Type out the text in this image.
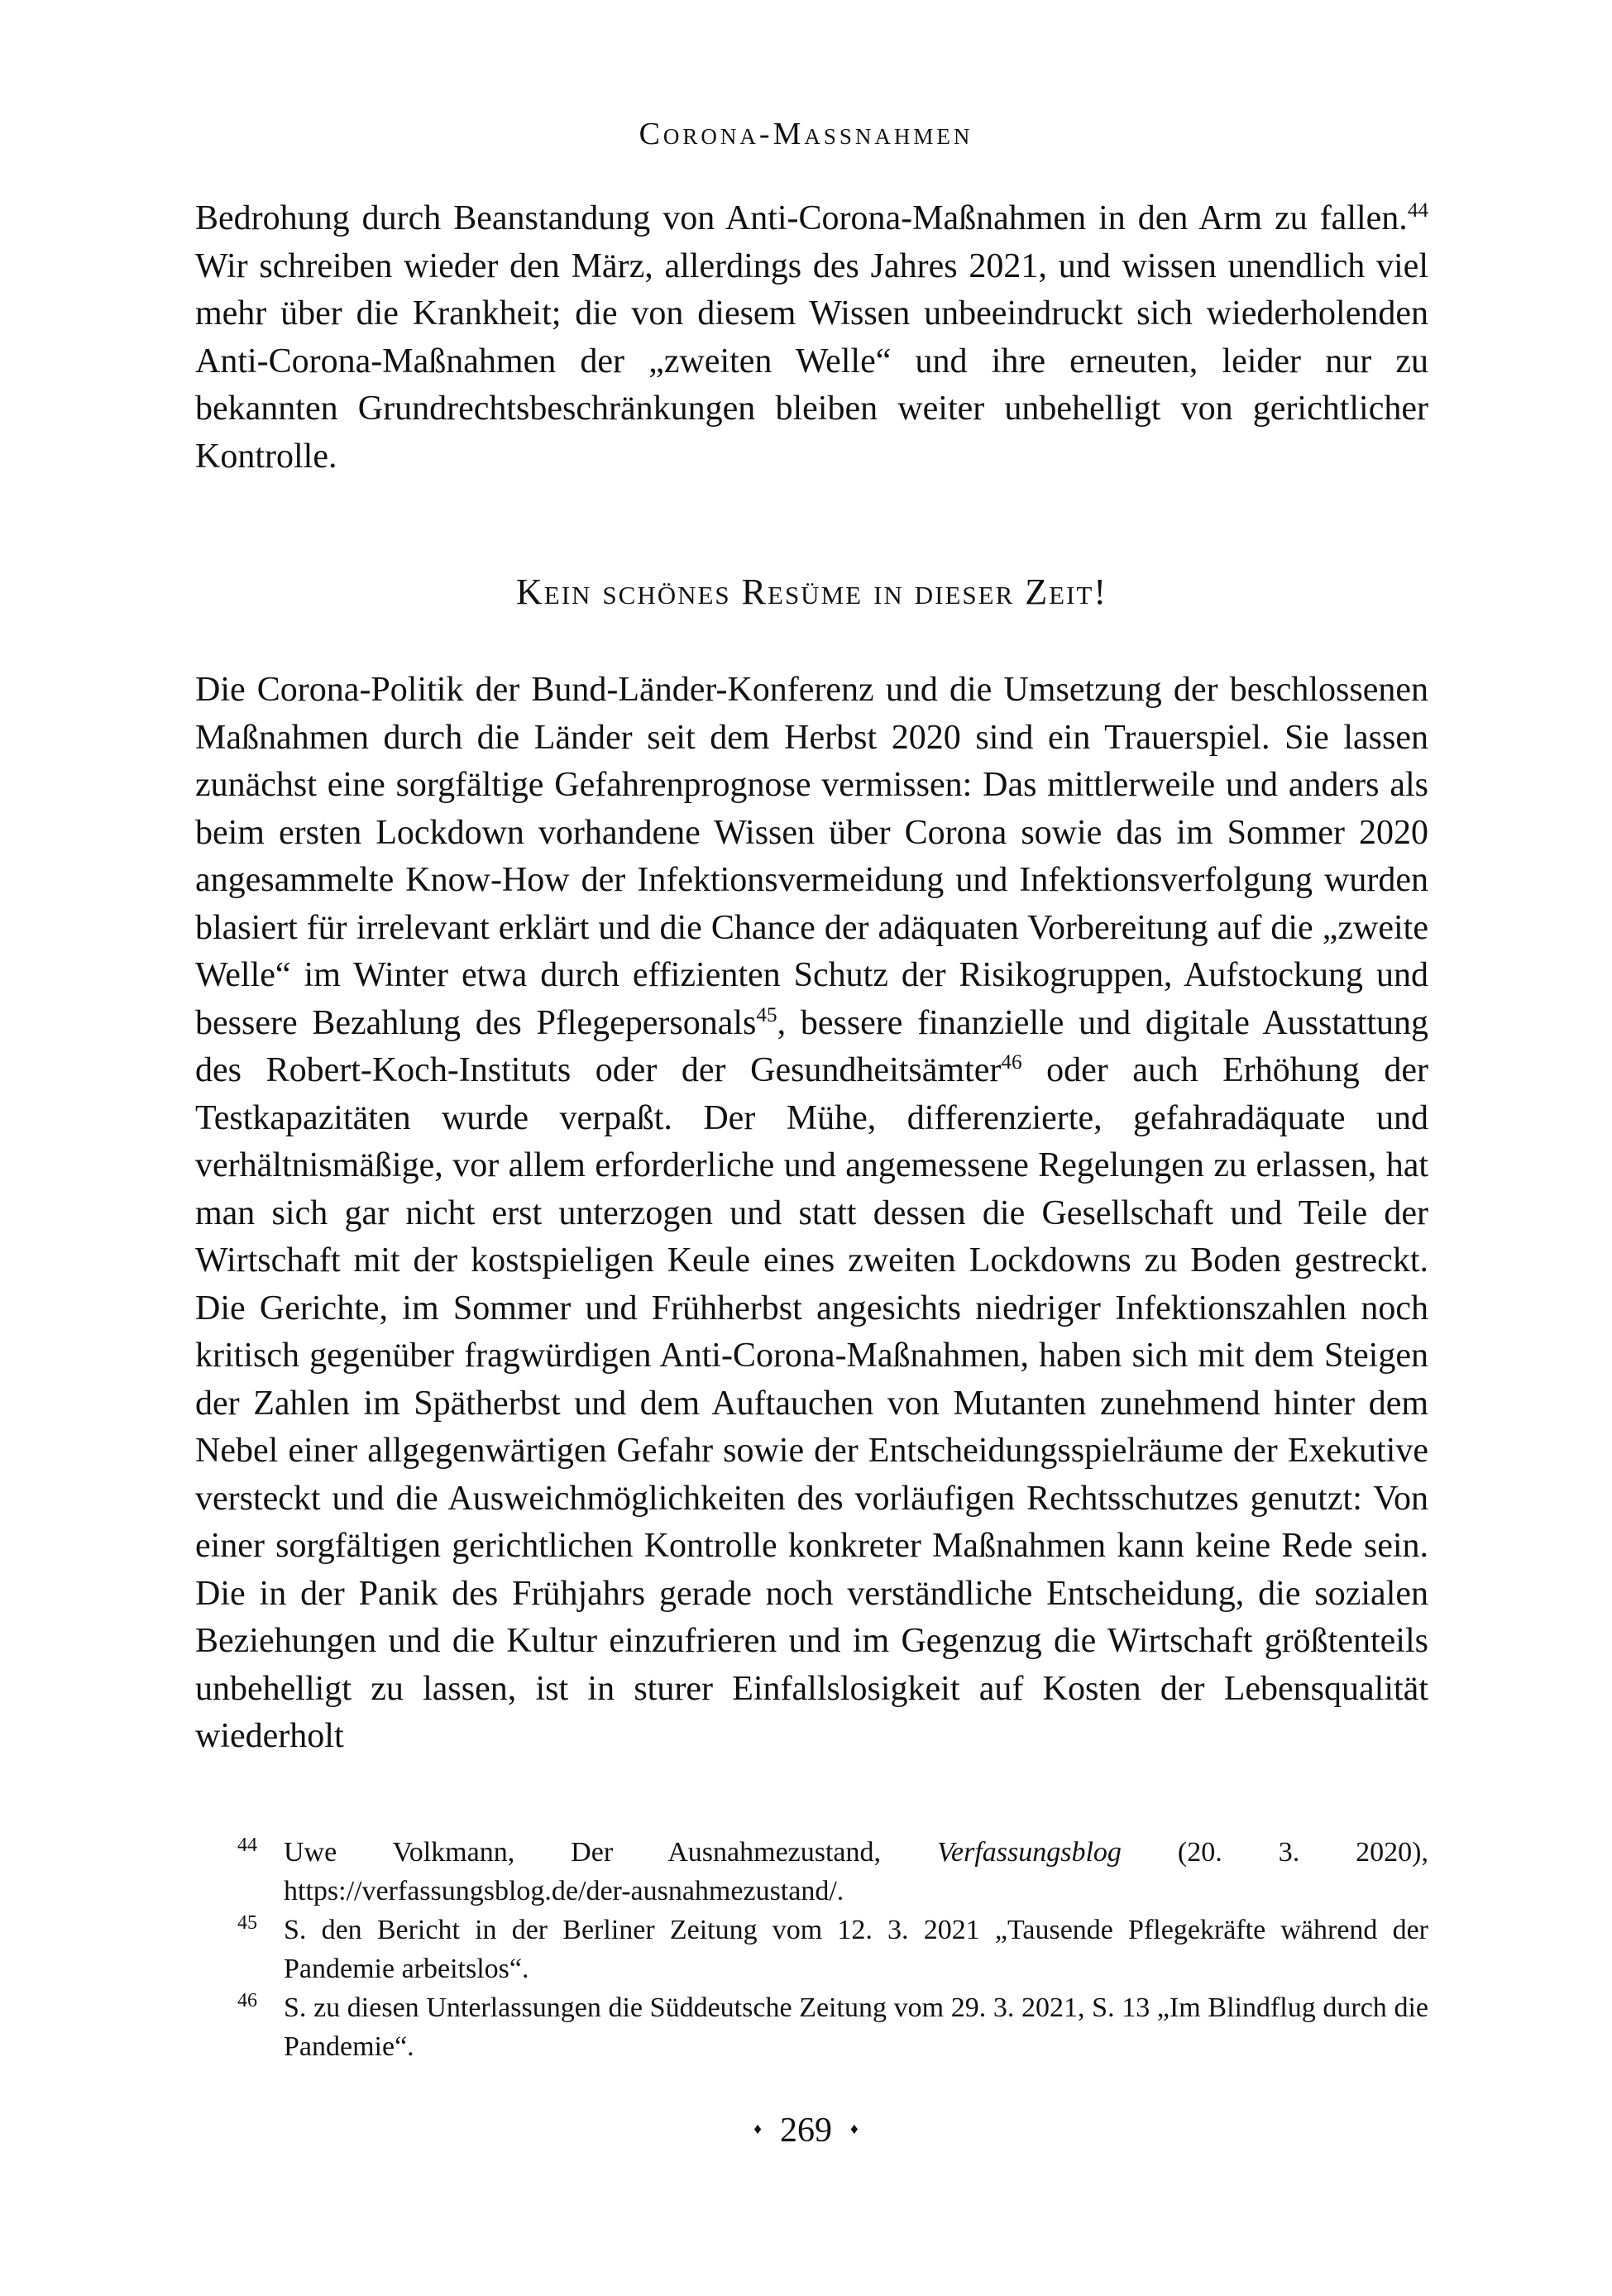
Corona-Massnahmen

Bedrohung durch Beanstandung von Anti-Corona-Maßnahmen in den Arm zu fallen.$^{44}$ Wir schreiben wieder den März, allerdings des Jahres 2021, und wissen unendlich viel mehr über die Krankheit; die von diesem Wissen unbeeindruckt sich wiederholenden Anti-Corona-Maßnahmen der „zweiten Welle“ und ihre erneuten, leider nur zu bekannten Grundrechtsbeschränkungen bleiben weiter unbehelligt von gerichtlicher Kontrolle.

Kein schönes Resüme in dieser Zeit!

Die Corona-Politik der Bund-Länder-Konferenz und die Umsetzung der beschlossenen Maßnahmen durch die Länder seit dem Herbst 2020 sind ein Trauerspiel. Sie lassen zunächst eine sorgfältige Gefahrenprognose vermissen: Das mittlerweile und anders als beim ersten Lockdown vorhandene Wissen über Corona sowie das im Sommer 2020 angesammelte Know-How der Infektionsvermeidung und Infektionsverfolgung wurden blasiert für irrelevant erklärt und die Chance der adäquaten Vorbereitung auf die „zweite Welle“ im Winter etwa durch effizienten Schutz der Risikogruppen, Aufstockung und bessere Bezahlung des Pflegepersonals$^{45}$, bessere finanzielle und digitale Ausstattung des Robert-Koch-Instituts oder der Gesundheitsämter$^{46}$ oder auch Erhöhung der Testkapazitäten wurde verpaßt. Der Mühe, differenzierte, gefahradäquate und verhältnismäßige, vor allem erforderliche und angemessene Regelungen zu erlassen, hat man sich gar nicht erst unterzogen und statt dessen die Gesellschaft und Teile der Wirtschaft mit der kostspieligen Keule eines zweiten Lockdowns zu Boden gestreckt. Die Gerichte, im Sommer und Frühherbst angesichts niedriger Infektionszahlen noch kritisch gegenüber fragwürdigen Anti-Corona-Maßnahmen, haben sich mit dem Steigen der Zahlen im Spätherbst und dem Auftauchen von Mutanten zunehmend hinter dem Nebel einer allgegenwärtigen Gefahr sowie der Entscheidungsspielräume der Exekutive versteckt und die Ausweichmöglichkeiten des vorläufigen Rechtsschutzes genutzt: Von einer sorgfältigen gerichtlichen Kontrolle konkreter Maßnahmen kann keine Rede sein. Die in der Panik des Frühjahrs gerade noch verständliche Entscheidung, die sozialen Beziehungen und die Kultur einzufrieren und im Gegenzug die Wirtschaft größtenteils unbehelligt zu lassen, ist in sturer Einfallslosigkeit auf Kosten der Lebensqualität wiederholt

44 Uwe Volkmann, Der Ausnahmezustand, Verfassungsblog (20. 3. 2020), https://verfassungsblog.de/der-ausnahmezustand/.
45 S. den Bericht in der Berliner Zeitung vom 12. 3. 2021 „Tausende Pflegekräfte während der Pandemie arbeitslos“.
46 S. zu diesen Unterlassungen die Süddeutsche Zeitung vom 29. 3. 2021, S. 13 „Im Blindflug durch die Pandemie“.
♦ 269 ♦
